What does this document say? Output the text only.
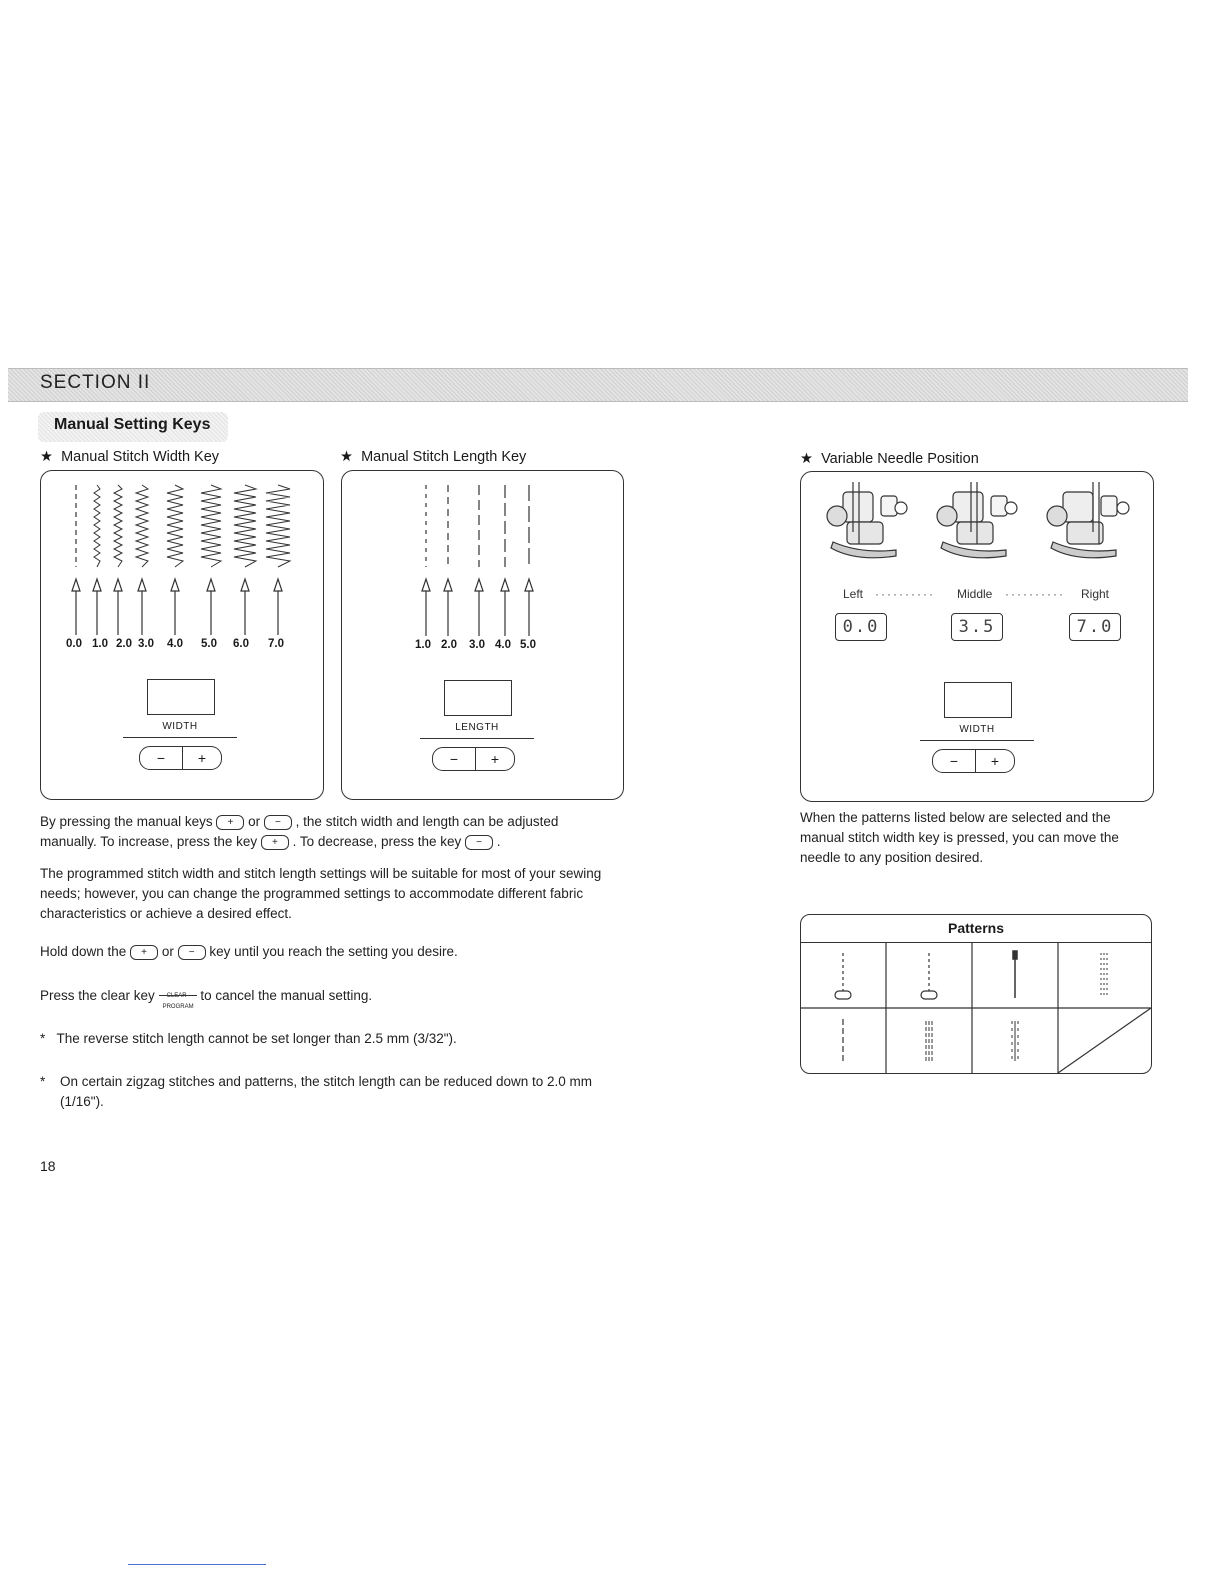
SECTION II
Manual Setting Keys
★ Manual Stitch Width Key	★ Manual Stitch Length Key	★ Variable Needle Position
0.0 1.0 2.0 3.0 4.0 5.0 6.0 7.0
WIDTH
−	+
1.0 2.0 3.0 4.0 5.0
LENGTH
−	+
Left ·········· Middle ·········· Right
0.0	3.5	7.0
WIDTH
−	+
By pressing the manual keys + or − , the stitch width and length can be adjusted
manually. To increase, press the key + . To decrease, press the key − .
The programmed stitch width and stitch length settings will be suitable for most of your sewing needs; however, you can change the programmed settings to accommodate different fabric characteristics or achieve a desired effect.
Hold down the + or − key until you reach the setting you desire.
Press the clear key CLEAR
PROGRAM
to cancel the manual setting.
* The reverse stitch length cannot be set longer than 2.5 mm (3/32").
*	On certain zigzag stitches and patterns, the stitch length can be reduced down to 2.0 mm (1/16").
When the patterns listed below are selected and the manual stitch width key is pressed, you can move the needle to any position desired.
Patterns
18
